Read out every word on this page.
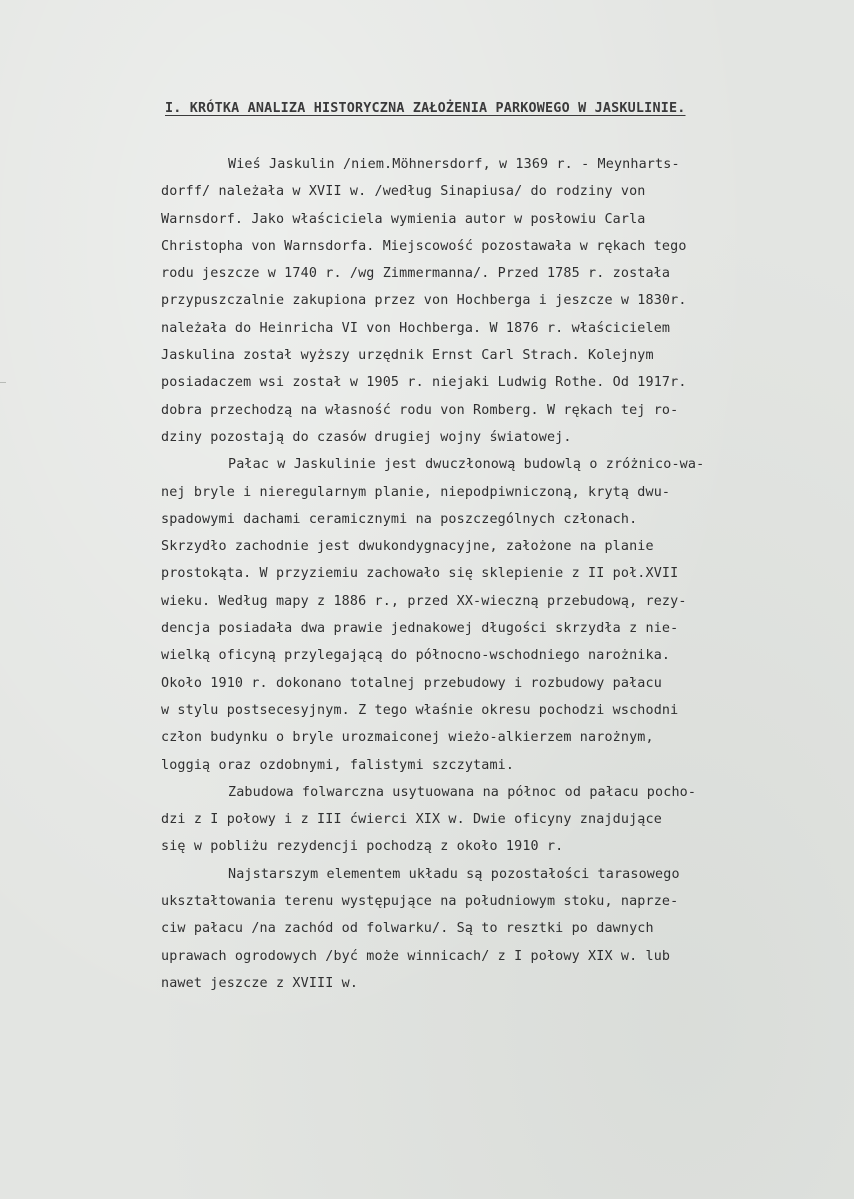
I. KRÓTKA ANALIZA HISTORYCZNA ZAŁOŻENIA PARKOWEGO W JASKULINIE.

Wieś Jaskulin /niem.Möhnersdorf, w 1369 r. - Meynharts-
dorff/ należała w XVII w. /według Sinapiusa/ do rodziny von
Warnsdorf. Jako właściciela wymienia autor w posłowiu Carla
Christopha von Warnsdorfa. Miejscowość pozostawała w rękach tego
rodu jeszcze w 1740 r. /wg Zimmermanna/. Przed 1785 r. została
przypuszczalnie zakupiona przez von Hochberga i jeszcze w 1830r.
należała do Heinricha VI von Hochberga. W 1876 r. właścicielem
Jaskulina został wyższy urzędnik Ernst Carl Strach. Kolejnym
posiadaczem wsi został w 1905 r. niejaki Ludwig Rothe. Od 1917r.
dobra przechodzą na własność rodu von Romberg. W rękach tej ro-
dziny pozostają do czasów drugiej wojny światowej.

Pałac w Jaskulinie jest dwuczłonową budowlą o zróżnico-wa-
nej bryle i nieregularnym planie, niepodpiwniczoną, krytą dwu-
spadowymi dachami ceramicznymi na poszczególnych członach.
Skrzydło zachodnie jest dwukondygnacyjne, założone na planie
prostokąta. W przyziemiu zachowało się sklepienie z II poł.XVII
wieku. Według mapy z 1886 r., przed XX-wieczną przebudową, rezy-
dencja posiadała dwa prawie jednakowej długości skrzydła z nie-
wielką oficyną przylegającą do północno-wschodniego narożnika.
Około 1910 r. dokonano totalnej przebudowy i rozbudowy pałacu
w stylu postsecesyjnym. Z tego właśnie okresu pochodzi wschodni
człon budynku o bryle urozmaiconej wieżo-alkierzem narożnym,
loggią oraz ozdobnymi, falistymi szczytami.

Zabudowa folwarczna usytuowana na północ od pałacu pocho-
dzi z I połowy i z III ćwierci XIX w. Dwie oficyny znajdujące
się w pobliżu rezydencji pochodzą z około 1910 r.

Najstarszym elementem układu są pozostałości tarasowego
ukształtowania terenu występujące na południowym stoku, naprze-
ciw pałacu /na zachód od folwarku/. Są to resztki po dawnych
uprawach ogrodowych /być może winnicach/ z I połowy XIX w. lub
nawet jeszcze z XVIII w.
